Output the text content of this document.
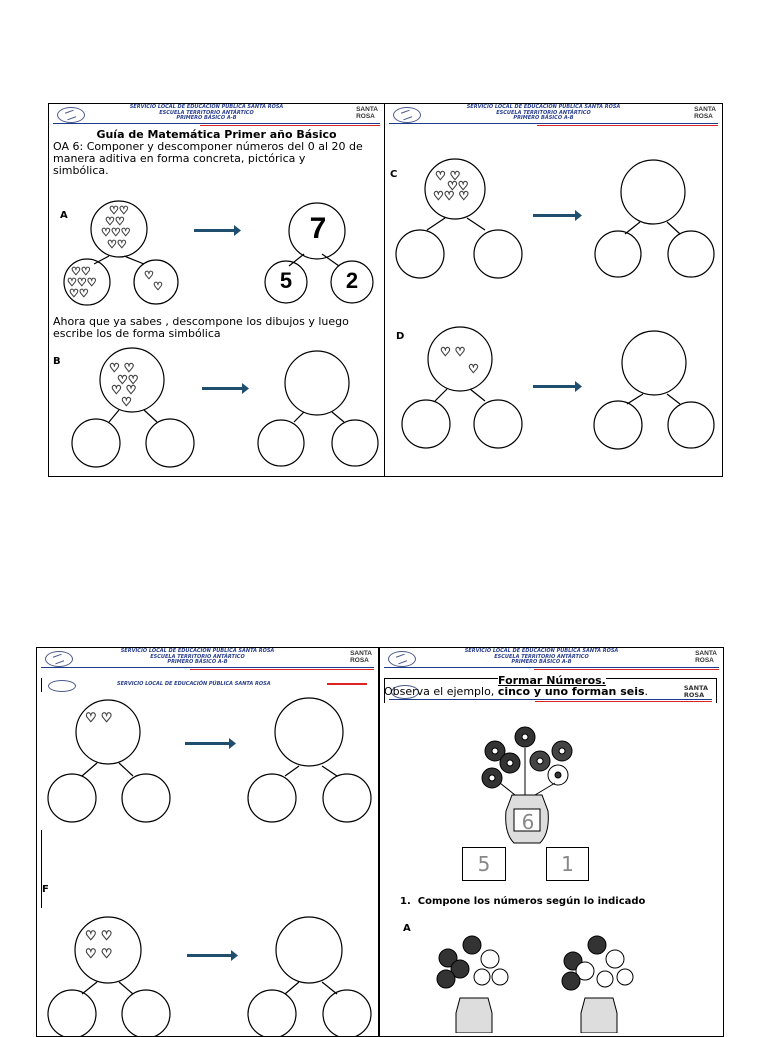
SERVICIO LOCAL DE EDUCACIÓN PÚBLICA SANTA ROSA
ESCUELA TERRITORIO ANTÁRTICO
PRIMERO BÁSICO A-B
SANTA
ROSA
Guía de Matemática Primer año Básico
OA 6: Componer y descomponer números del 0 al 20 de manera aditiva en forma concreta, pictórica y simbólica.
A	♡♡
♡♡
♡♡♡
♡♡
♡♡
♡♡♡
♡♡
♡
♡
7
5	2
Ahora que ya sabes , descompone los dibujos y luego escribe los de forma simbólica
B	♡ ♡
♡♡
♡ ♡
♡
SERVICIO LOCAL DE EDUCACIÓN PÚBLICA SANTA ROSA
ESCUELA TERRITORIO ANTÁRTICO
PRIMERO BÁSICO A-B
SANTA
ROSA
C	♡ ♡
♡♡
♡♡ ♡
D
♡ ♡
♡
SERVICIO LOCAL DE EDUCACIÓN PÚBLICA SANTA ROSA
ESCUELA TERRITORIO ANTÁRTICO
PRIMERO BÁSICO A-B
SANTA
ROSA
SERVICIO LOCAL DE EDUCACIÓN PÚBLICA SANTA ROSA
♡ ♡
F
♡ ♡
♡ ♡
SERVICIO LOCAL DE EDUCACIÓN PÚBLICA SANTA ROSA
ESCUELA TERRITORIO ANTÁRTICO
PRIMERO BÁSICO A-B
SANTA
ROSA
SANTA
ROSA
Formar Números.
Observa el ejemplo, cinco y uno forman seis.
6
5	1
1. Compone los números según lo indicado
A
